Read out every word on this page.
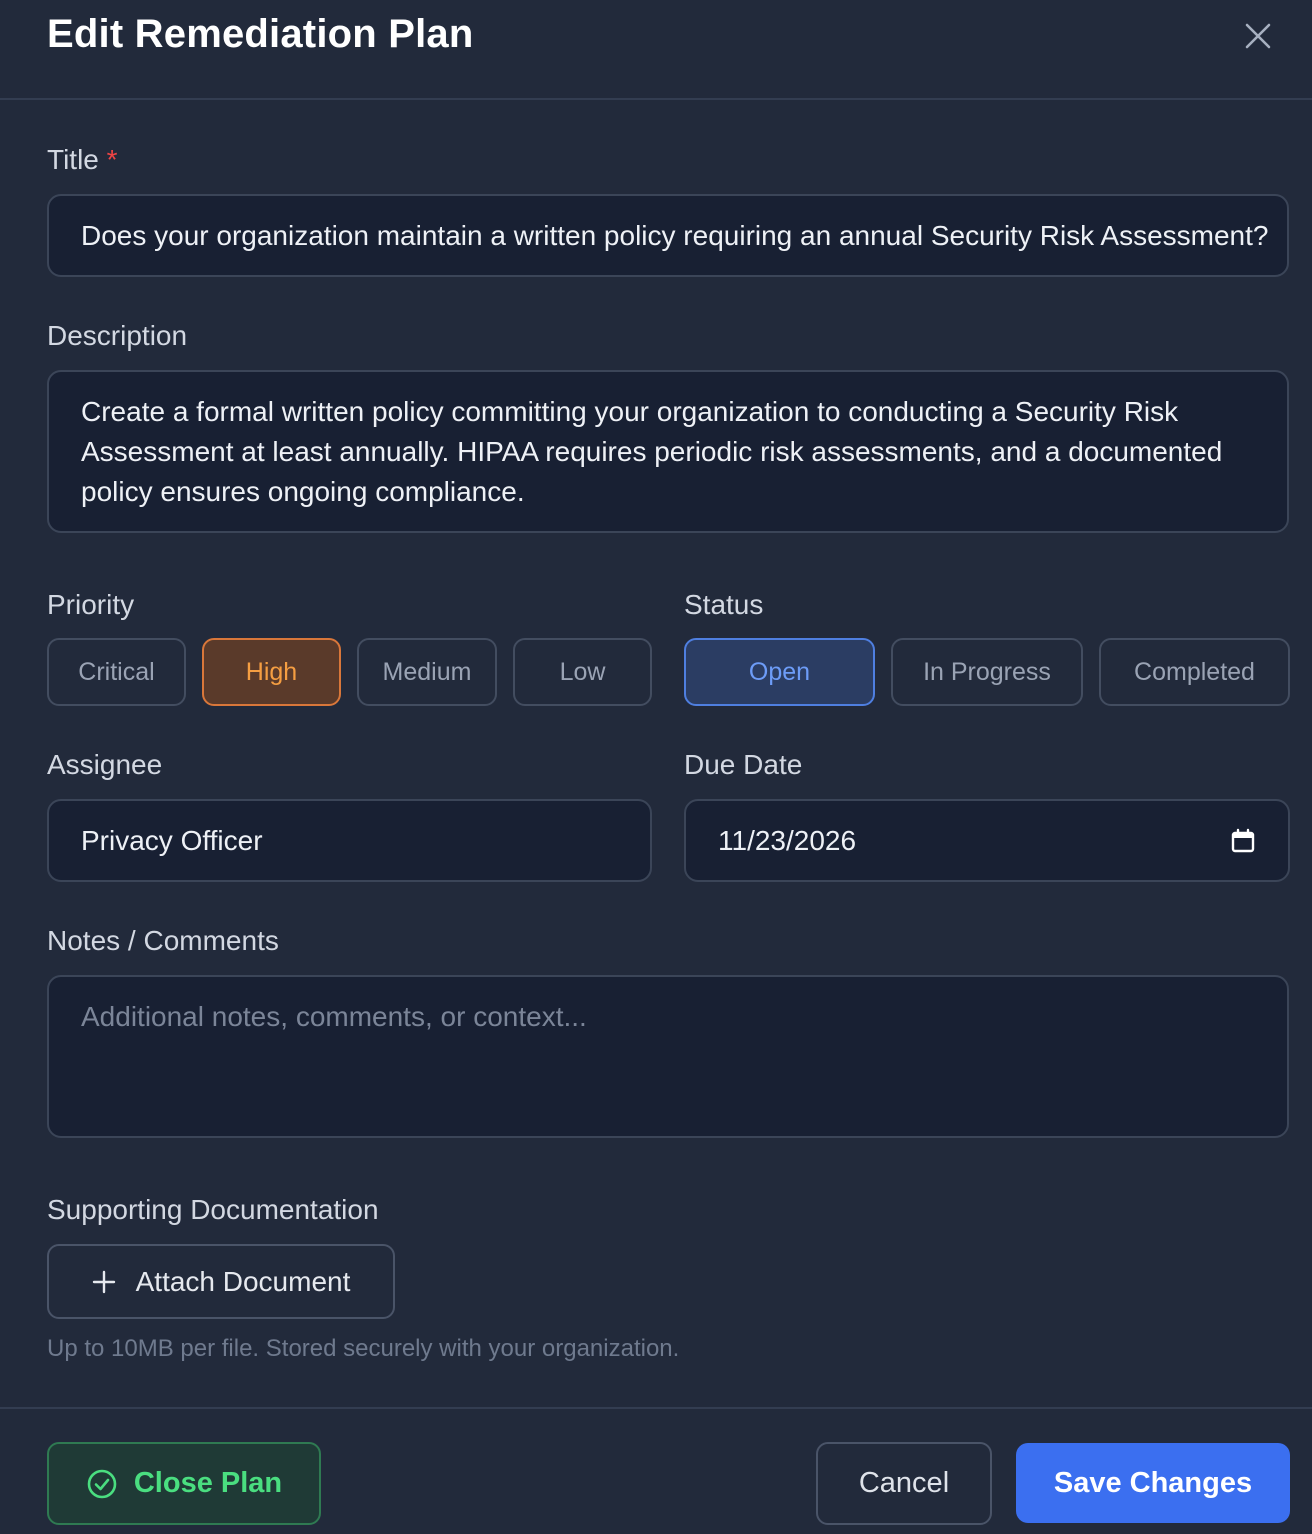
Edit Remediation Plan
Title *
Does your organization maintain a written policy requiring an annual Security Risk Assessment?
Description
Create a formal written policy committing your organization to conducting a Security Risk Assessment at least annually. HIPAA requires periodic risk assessments, and a documented policy ensures ongoing compliance.
Priority
Critical	High	Medium	Low
Status
Open	In Progress	Completed
Assignee
Privacy Officer
Due Date
11/23/2026
Notes / Comments
Additional notes, comments, or context...
Supporting Documentation
Attach Document
Up to 10MB per file. Stored securely with your organization.
Close Plan	Cancel	Save Changes
